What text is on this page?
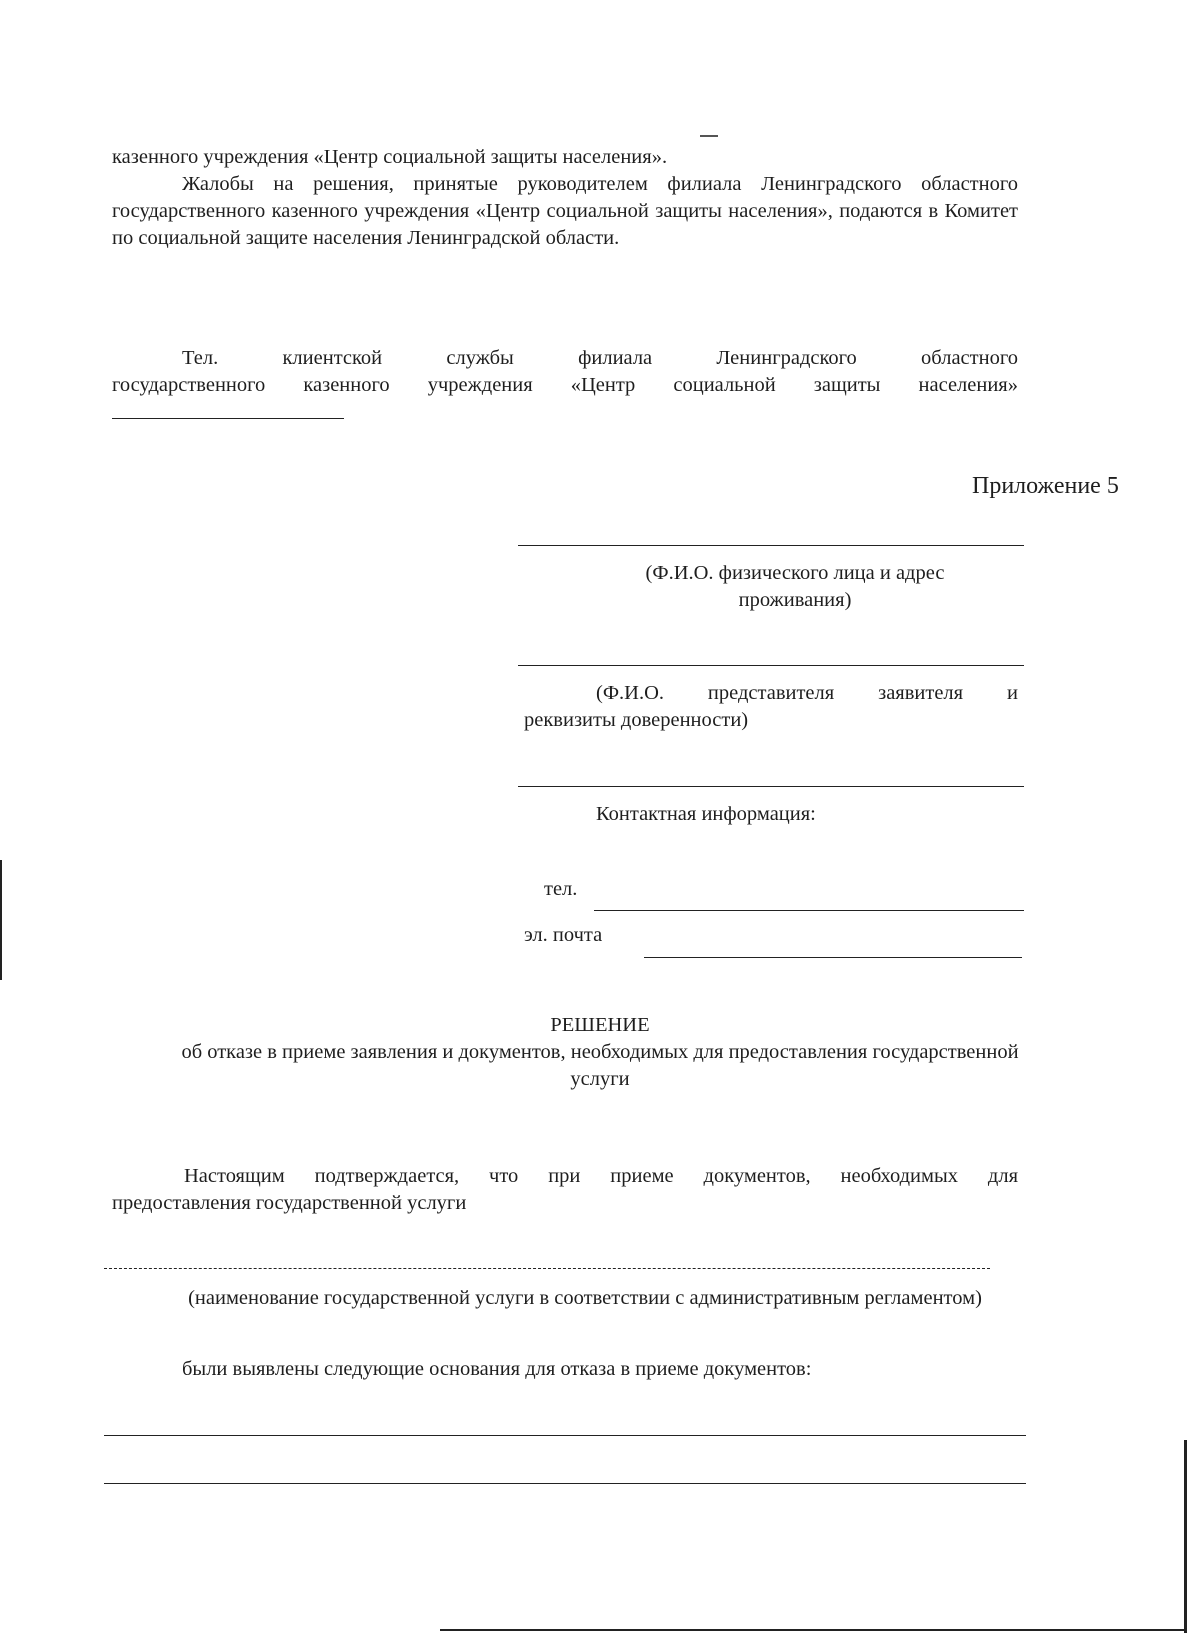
казенного учреждения «Центр социальной защиты населения».
Жалобы на решения, принятые руководителем филиала Ленинградского областного государственного казенного учреждения «Центр социальной защиты населения», подаются в Комитет по социальной защите населения Ленинградской области.
Тел. клиентской службы филиала Ленинградского областного
государственного казенного учреждения «Центр социальной защиты населения»
Приложение 5
(Ф.И.О. физического лица и адрес проживания)
(Ф.И.О. представителя заявителя и
реквизиты доверенности)
Контактная информация:
тел.
эл. почта
РЕШЕНИЕ
об отказе в приеме заявления и документов, необходимых для предоставления государственной услуги
Настоящим подтверждается, что при приеме документов, необходимых для
предоставления государственной услуги
(наименование государственной услуги в соответствии с административным регламентом)
были выявлены следующие основания для отказа в приеме документов:
